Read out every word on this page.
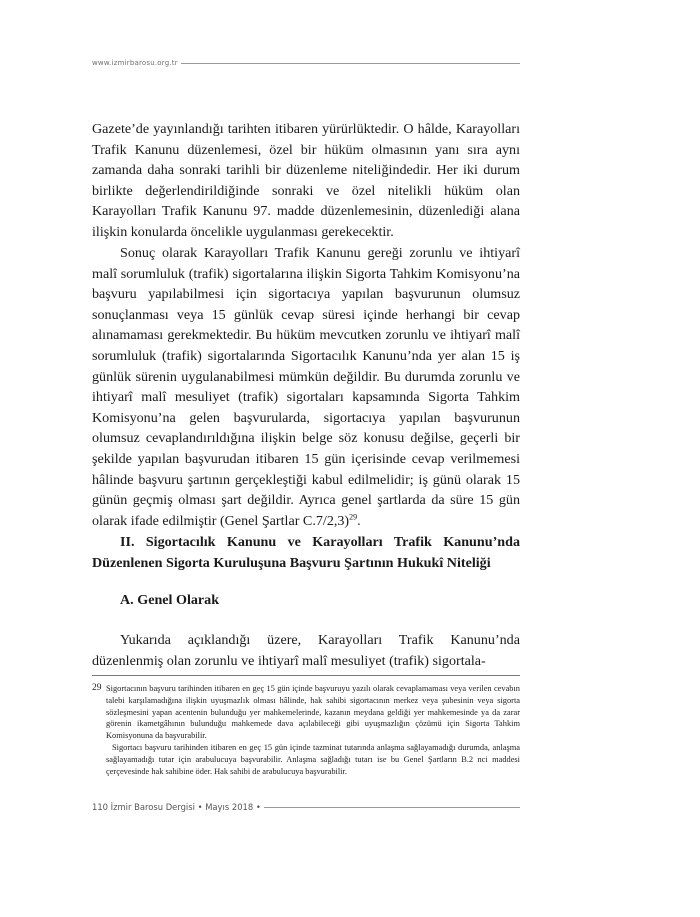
www.izmirbarosu.org.tr

Gazete’de yayınlandığı tarihten itibaren yürürlüktedir. O hâlde, Karayolları Trafik Kanunu düzenlemesi, özel bir hüküm olmasının yanı sıra aynı zamanda daha sonraki tarihli bir düzenleme niteliğindedir. Her iki durum birlikte değerlendirildiğinde sonraki ve özel nitelikli hüküm olan Karayolları Trafik Kanunu 97. madde düzenlemesinin, düzenlediği alana ilişkin konularda öncelikle uygulanması gerekecektir.

Sonuç olarak Karayolları Trafik Kanunu gereği zorunlu ve ihtiyarî malî sorumluluk (trafik) sigortalarına ilişkin Sigorta Tahkim Komisyonu’na başvuru yapılabilmesi için sigortacıya yapılan başvurunun olumsuz sonuçlanması veya 15 günlük cevap süresi içinde herhangi bir cevap alınamaması gerekmektedir. Bu hüküm mevcutken zorunlu ve ihtiyarî malî sorumluluk (trafik) sigortalarında Sigortacılık Kanunu’nda yer alan 15 iş günlük sürenin uygulanabilmesi mümkün değildir. Bu durumda zorunlu ve ihtiyarî malî mesuliyet (trafik) sigortaları kapsamında Sigorta Tahkim Komisyonu’na gelen başvurularda, sigortacıya yapılan başvurunun olumsuz cevaplandırıldığına ilişkin belge söz konusu değilse, geçerli bir şekilde yapılan başvurudan itibaren 15 gün içerisinde cevap verilmemesi hâlinde başvuru şartının gerçekleştiği kabul edilmelidir; iş günü olarak 15 günün geçmiş olması şart değildir. Ayrıca genel şartlarda da süre 15 gün olarak ifade edilmiştir (Genel Şartlar C.7/2,3)$^{29}$.

II. Sigortacılık Kanunu ve Karayolları Trafik Kanunu’nda Düzenlenen Sigorta Kuruluşuna Başvuru Şartının Hukukî Niteliği

A. Genel Olarak

Yukarıda açıklandığı üzere, Karayolları Trafik Kanunu’nda düzenlenmiş olan zorunlu ve ihtiyarî malî mesuliyet (trafik) sigortala-

29 Sigortacının başvuru tarihinden itibaren en geç 15 gün içinde başvuruyu yazılı olarak cevaplamaması veya verilen cevabın talebi karşılamadığına ilişkin uyuşmazlık olması hâlinde, hak sahibi sigortacının merkez veya şubesinin veya sigorta sözleşmesini yapan acentenin bulunduğu yer mahkemelerinde, kazanın meydana geldiği yer mahkemesinde ya da zarar görenin ikametgâhının bulunduğu mahkemede dava açılabileceği gibi uyuşmazlığın çözümü için Sigorta Tahkim Komisyonuna da başvurabilir.

Sigortacı başvuru tarihinden itibaren en geç 15 gün içinde tazminat tutarında anlaşma sağlayamadığı durumda, anlaşma sağlayamadığı tutar için arabulucuya başvurabilir. Anlaşma sağladığı tutarı ise bu Genel Şartların B.2 nci maddesi çerçevesinde hak sahibine öder. Hak sahibi de arabulucuya başvurabilir.

110 İzmir Barosu Dergisi • Mayıs 2018 •
